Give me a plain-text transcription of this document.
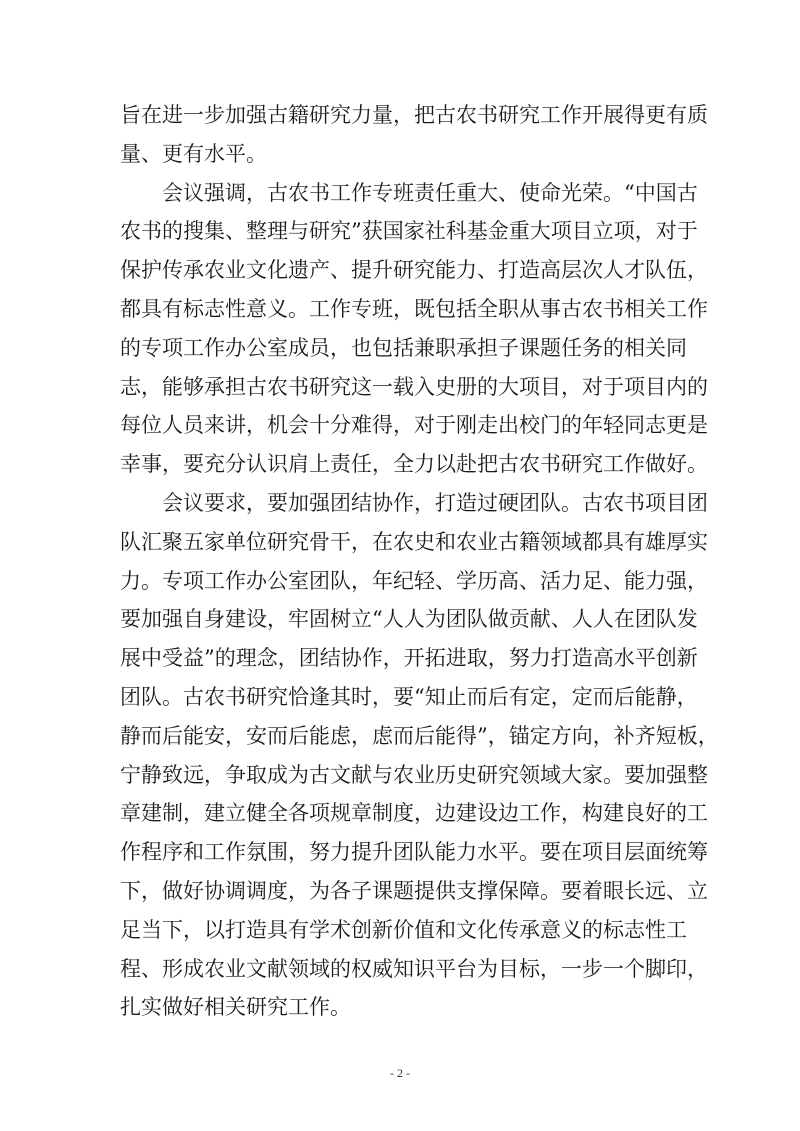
旨在进一步加强古籍研究力量，把古农书研究工作开展得更有质
量、更有水平。
会议强调，古农书工作专班责任重大、使命光荣。“中国古
农书的搜集、整理与研究”获国家社科基金重大项目立项，对于
保护传承农业文化遗产、提升研究能力、打造高层次人才队伍，
都具有标志性意义。工作专班，既包括全职从事古农书相关工作
的专项工作办公室成员，也包括兼职承担子课题任务的相关同
志，能够承担古农书研究这一载入史册的大项目，对于项目内的
每位人员来讲，机会十分难得，对于刚走出校门的年轻同志更是
幸事，要充分认识肩上责任，全力以赴把古农书研究工作做好。
会议要求，要加强团结协作，打造过硬团队。古农书项目团
队汇聚五家单位研究骨干，在农史和农业古籍领域都具有雄厚实
力。专项工作办公室团队，年纪轻、学历高、活力足、能力强，
要加强自身建设，牢固树立“人人为团队做贡献、人人在团队发
展中受益”的理念，团结协作，开拓进取，努力打造高水平创新
团队。古农书研究恰逢其时，要“知止而后有定，定而后能静，
静而后能安，安而后能虑，虑而后能得”，锚定方向，补齐短板，
宁静致远，争取成为古文献与农业历史研究领域大家。要加强整
章建制，建立健全各项规章制度，边建设边工作，构建良好的工
作程序和工作氛围，努力提升团队能力水平。要在项目层面统筹
下，做好协调调度，为各子课题提供支撑保障。要着眼长远、立
足当下，以打造具有学术创新价值和文化传承意义的标志性工
程、形成农业文献领域的权威知识平台为目标，一步一个脚印，
扎实做好相关研究工作。
- 2 -
